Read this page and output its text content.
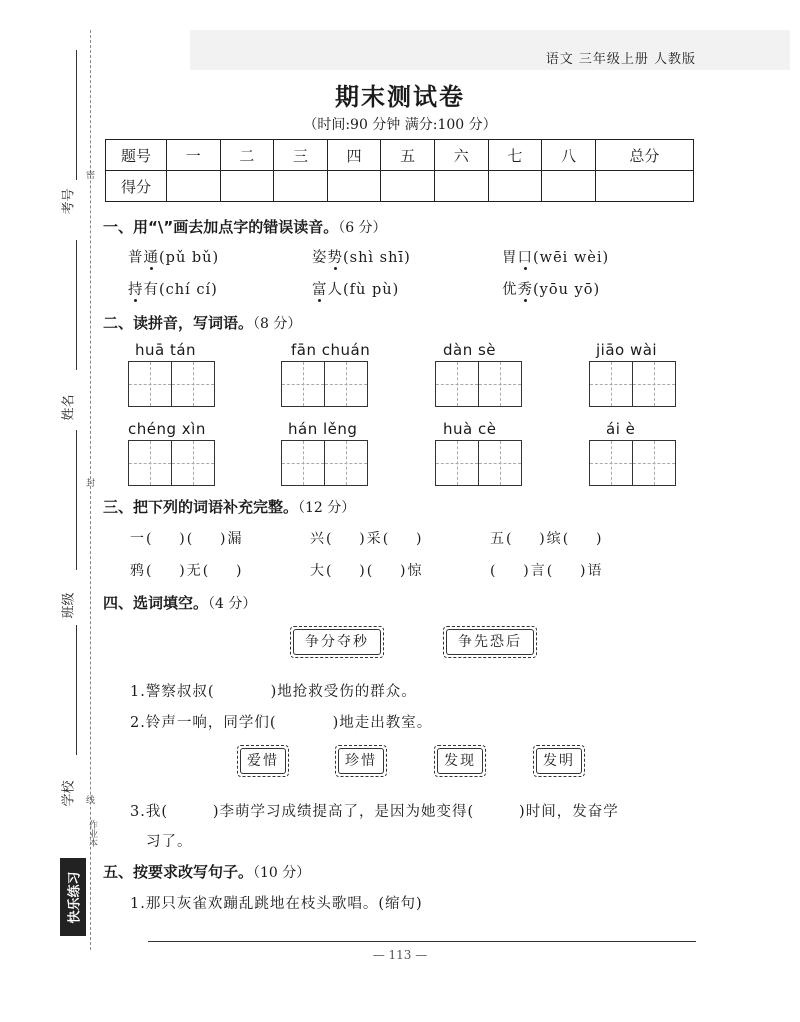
语文 三年级上册 人教版
期末测试卷
（时间:90 分钟 满分:100 分）
考号
姓名
班级
学校
密
封
线
快乐练习
作业本
题号	一	二	三	四	五	六	七	八	总分
得分									
一、用“\”画去加点字的错误读音。（6 分）
普通(pǔ bǔ)	姿势(shì shī)	胃口(wēi wèi)
持有(chí cí)	富人(fù pù)	优秀(yōu yō)
二、读拼音，写词语。（8 分）
huā tán	fān chuán	dàn sè	jiāo wài
chéng xìn	hán lěng	huà cè	ái è
三、把下列的词语补充完整。（12 分）
一(    )(    )漏	兴(    )采(    )	五(    )缤(    )
鸦(    )无(    )	大(    )(    )惊	(    )言(    )语
四、选词填空。（4 分）
争分夺秒	争先恐后
1.警察叔叔(          )地抢救受伤的群众。
2.铃声一响，同学们(          )地走出教室。
爱惜	珍惜	发现	发明
3.我(        )李萌学习成绩提高了，是因为她变得(        )时间，发奋学
习了。
五、按要求改写句子。（10 分）
1.那只灰雀欢蹦乱跳地在枝头歌唱。(缩句)
— 113 —
